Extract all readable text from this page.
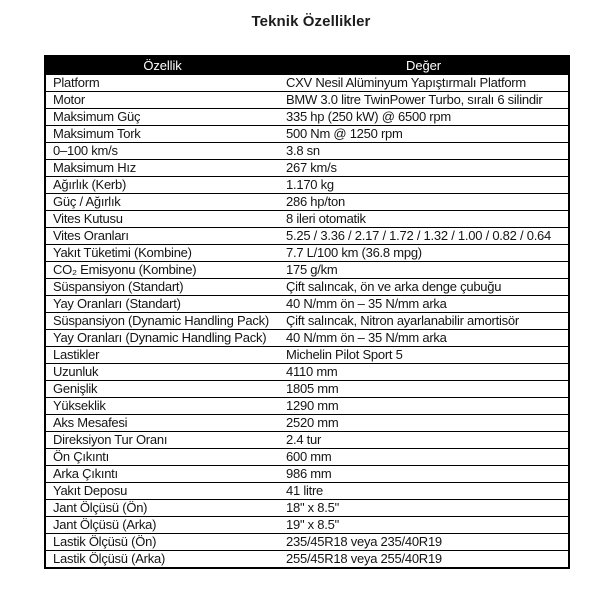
Teknik Özellikler
Özellik	Değer
Platform	CXV Nesil Alüminyum Yapıştırmalı Platform
Motor	BMW 3.0 litre TwinPower Turbo, sıralı 6 silindir
Maksimum Güç	335 hp (250 kW) @ 6500 rpm
Maksimum Tork	500 Nm @ 1250 rpm
0–100 km/s	3.8 sn
Maksimum Hız	267 km/s
Ağırlık (Kerb)	1.170 kg
Güç / Ağırlık	286 hp/ton
Vites Kutusu	8 ileri otomatik
Vites Oranları	5.25 / 3.36 / 2.17 / 1.72 / 1.32 / 1.00 / 0.82 / 0.64
Yakıt Tüketimi (Kombine)	7.7 L/100 km (36.8 mpg)
CO₂ Emisyonu (Kombine)	175 g/km
Süspansiyon (Standart)	Çift salıncak, ön ve arka denge çubuğu
Yay Oranları (Standart)	40 N/mm ön – 35 N/mm arka
Süspansiyon (Dynamic Handling Pack)	Çift salıncak, Nitron ayarlanabilir amortisör
Yay Oranları (Dynamic Handling Pack)	40 N/mm ön – 35 N/mm arka
Lastikler	Michelin Pilot Sport 5
Uzunluk	4110 mm
Genişlik	1805 mm
Yükseklik	1290 mm
Aks Mesafesi	2520 mm
Direksiyon Tur Oranı	2.4 tur
Ön Çıkıntı	600 mm
Arka Çıkıntı	986 mm
Yakıt Deposu	41 litre
Jant Ölçüsü (Ön)	18" x 8.5"
Jant Ölçüsü (Arka)	19" x 8.5"
Lastik Ölçüsü (Ön)	235/45R18 veya 235/40R19
Lastik Ölçüsü (Arka)	255/45R18 veya 255/40R19
